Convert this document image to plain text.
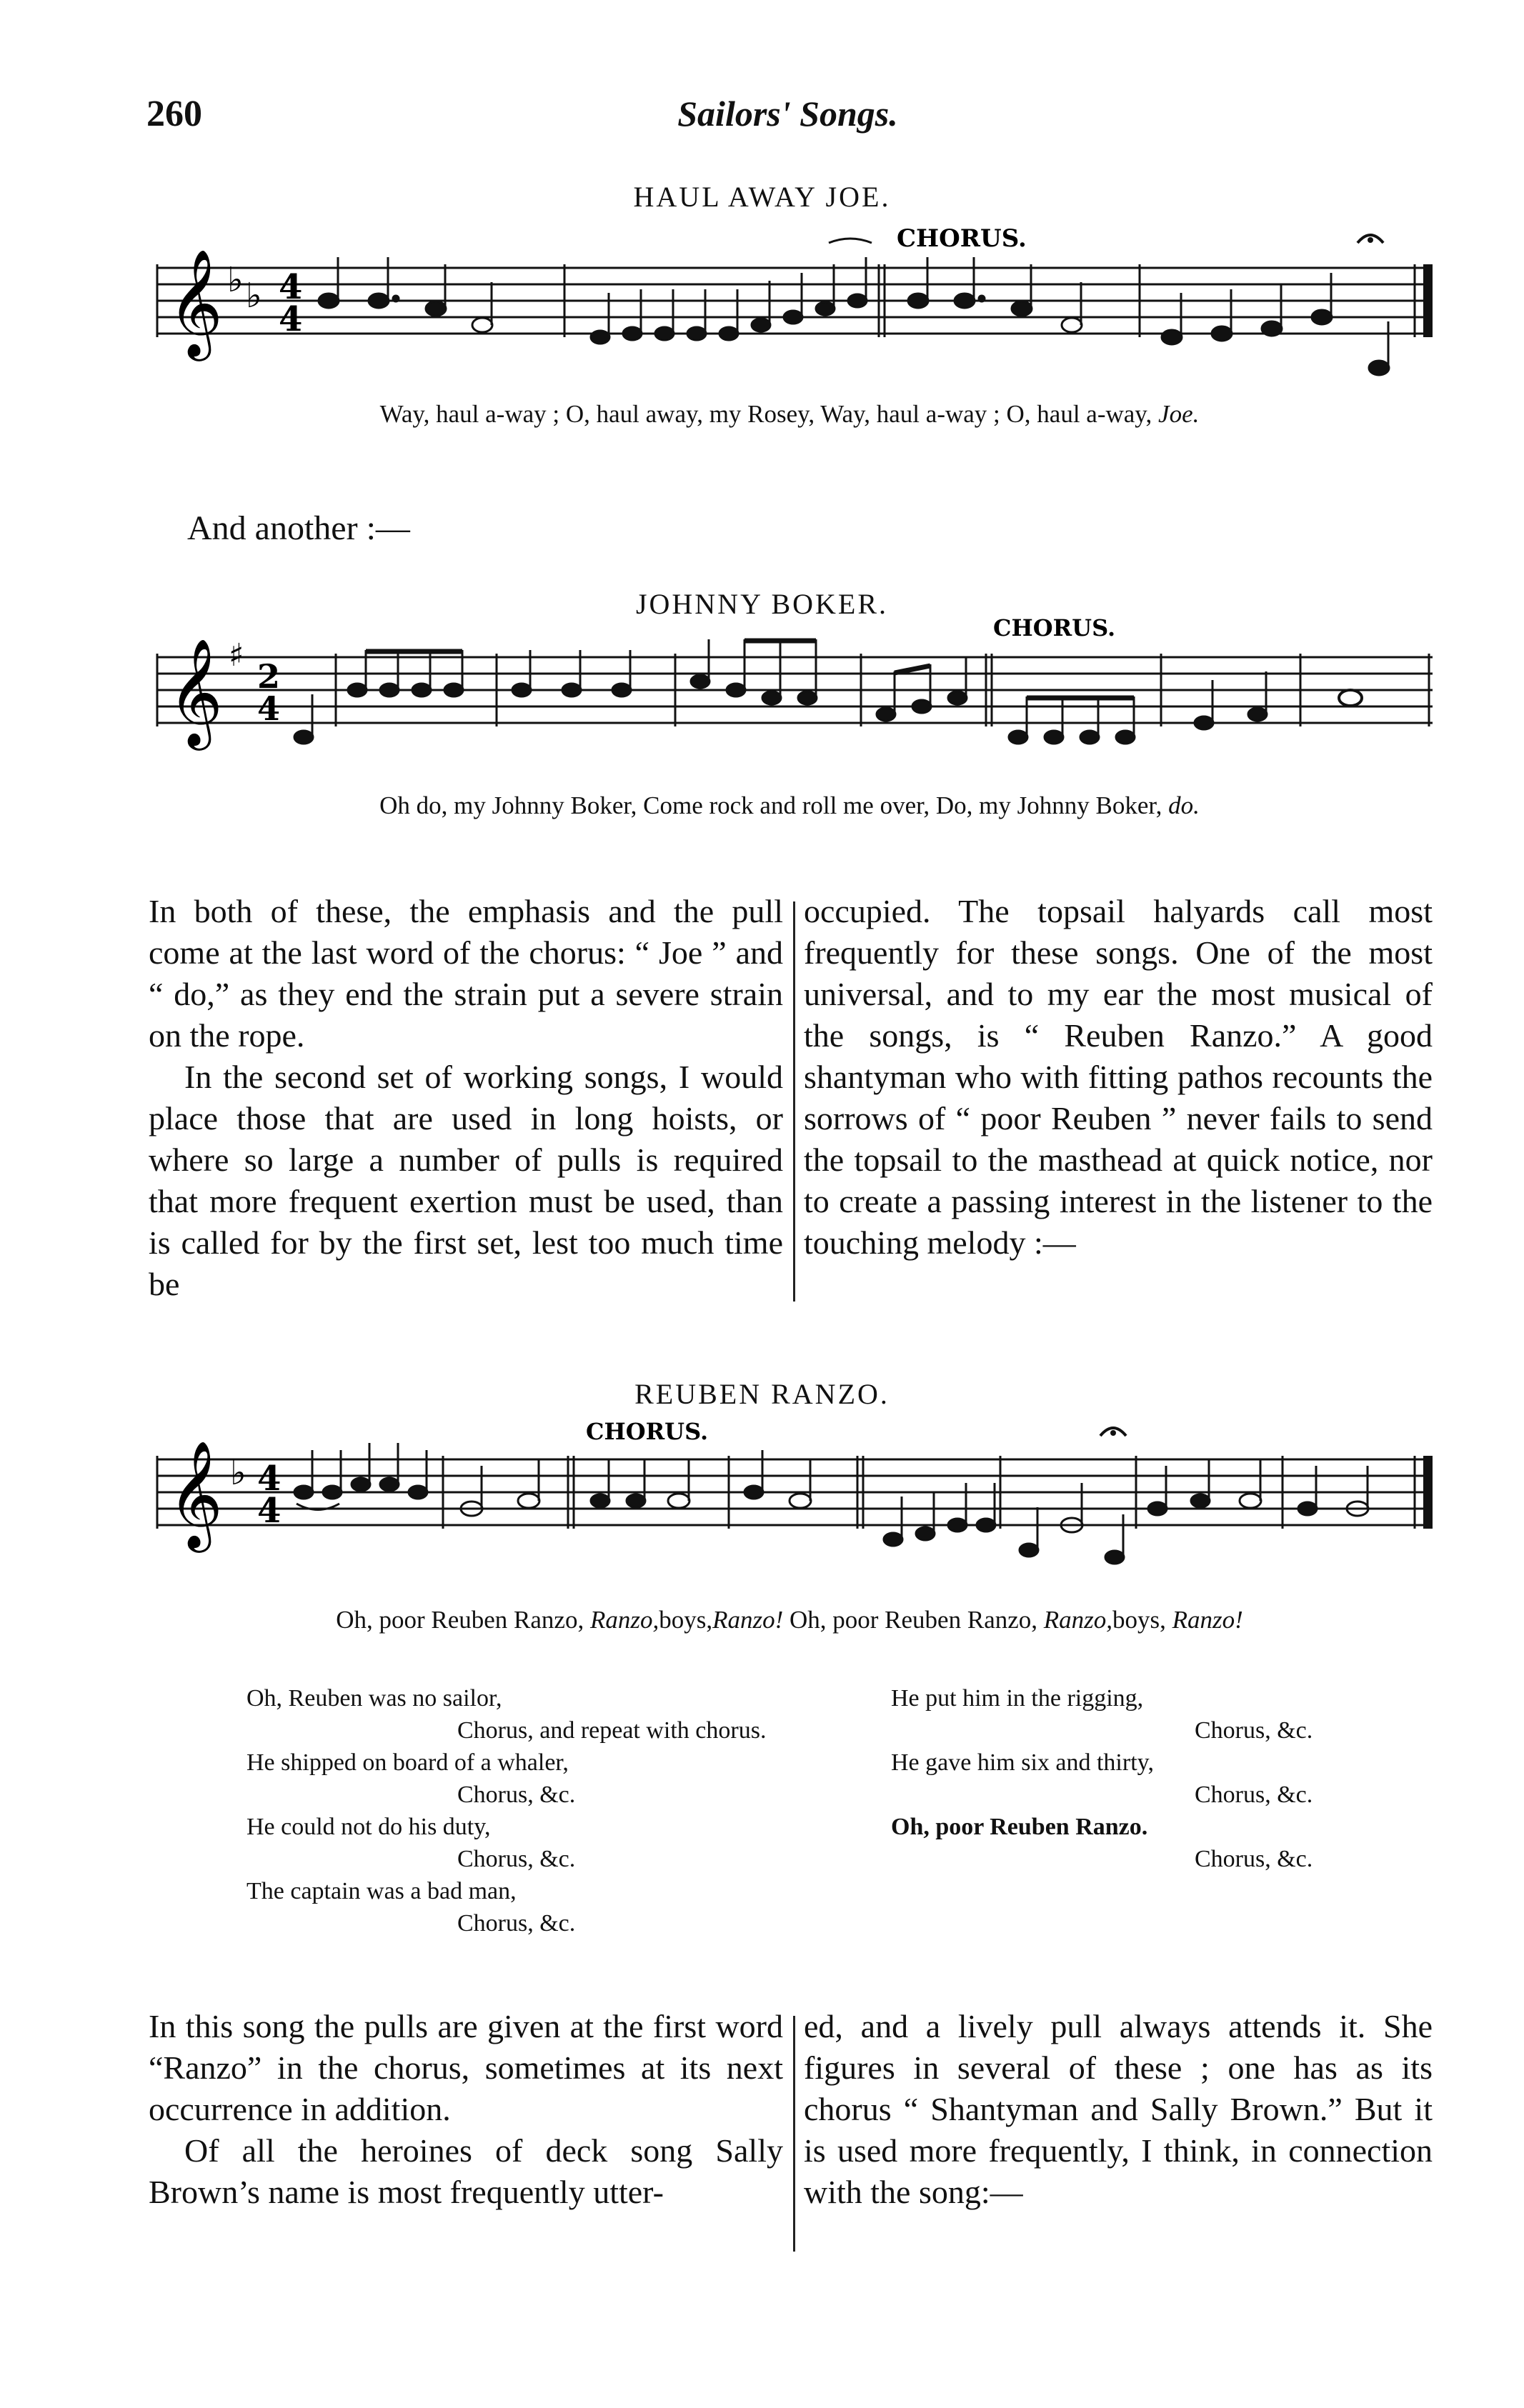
260	Sailors' Songs.
HAUL AWAY JOE.
𝄞 ♭ ♭ 4
4
CHORUS.
Way, haul a-way ; O, haul away, my Rosey, Way, haul a-way ; O, haul a-way, Joe.
And another :—
JOHNNY BOKER.
𝄞 ♯
2
4
CHORUS.
Oh do, my Johnny Boker, Come rock and roll me over, Do, my Johnny Boker, do.

In both of these, the emphasis and the pull come at the last word of the chorus: “ Joe ” and “ do,” as they end the strain put a severe strain on the rope.

In the second set of working songs, I would place those that are used in long hoists, or where so large a number of pulls is required that more frequent exertion must be used, than is called for by the first set, lest too much time be

occupied. The topsail halyards call most frequently for these songs. One of the most universal, and to my ear the most musical of the songs, is “ Reuben Ranzo.” A good shantyman who with fitting pathos recounts the sorrows of “ poor Reuben ” never fails to send the topsail to the masthead at quick notice, nor to create a passing interest in the listener to the touching melody :—

REUBEN RANZO.
𝄞 ♭ 4
4
CHORUS.
Oh, poor Reuben Ranzo, Ranzo,boys,Ranzo! Oh, poor Reuben Ranzo, Ranzo,boys, Ranzo!
Oh, Reuben was no sailor,
Chorus, and repeat with chorus.
He shipped on board of a whaler,
Chorus, &c.
He could not do his duty,
Chorus, &c.
The captain was a bad man,
Chorus, &c.
He put him in the rigging,
Chorus, &c.
He gave him six and thirty,
Chorus, &c.
Oh, poor Reuben Ranzo.
Chorus, &c.

In this song the pulls are given at the first word “Ranzo” in the chorus, sometimes at its next occurrence in addition.

Of all the heroines of deck song Sally Brown’s name is most frequently utter-

ed, and a lively pull always attends it. She figures in several of these ; one has as its chorus “ Shantyman and Sally Brown.” But it is used more frequently, I think, in connection with the song:—
